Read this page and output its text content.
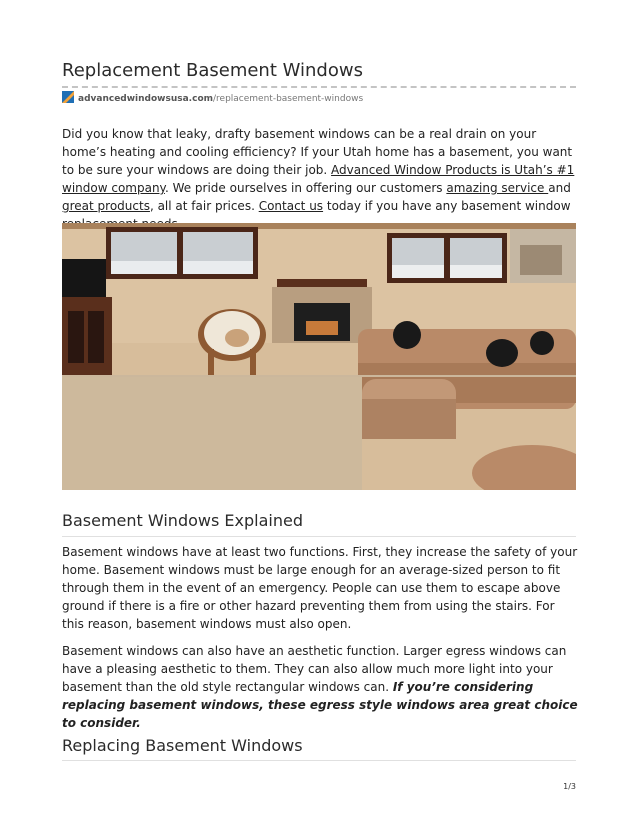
Replacement Basement Windows
advancedwindowsusa.com/replacement-basement-windows

Did you know that leaky, drafty basement windows can be a real drain on your home’s heating and cooling efficiency? If your Utah home has a basement, you want to be sure your windows are doing their job. Advanced Window Products is Utah’s #1 window company. We pride ourselves in offering our customers amazing service and great products, all at fair prices. Contact us today if you have any basement window

Basement Windows Explained

Basement windows have at least two functions. First, they increase the safety of your home. Basement windows must be large enough for an average-sized person to fit through them in the event of an emergency. People can use them to escape above ground if there is a fire or other hazard preventing them from using the stairs. For this reason, basement windows must also open.

Basement windows can also have an aesthetic function. Larger egress windows can have a pleasing aesthetic to them. They can also allow much more light into your basement than the old style rectangular windows can. If you’re considering replacing basement windows, these egress style windows area great choice to consider.

Replacing Basement Windows
1/3
